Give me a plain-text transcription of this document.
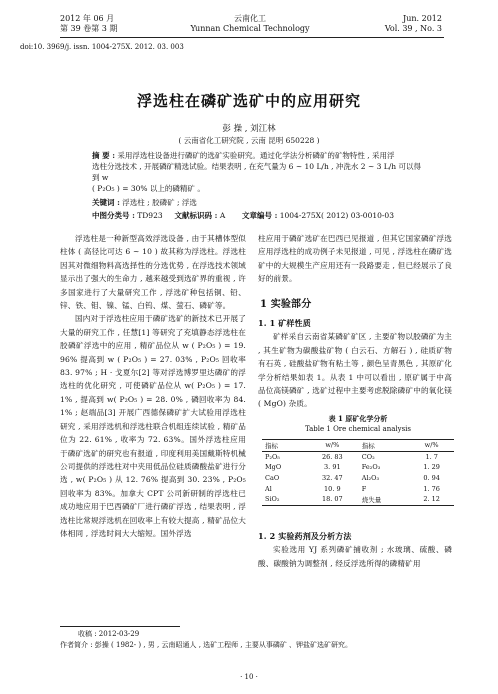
2012 年 06 月
第 39 卷第 3 期
云南化工
Yunnan Chemical Technology
Jun. 2012
Vol. 39 , No. 3
doi:10. 3969/j. issn. 1004-275X. 2012. 03. 003
浮选柱在磷矿选矿中的应用研究
彭 操 , 刘江林
( 云南省化工研究院 , 云南 昆明 650228 )
摘 要 : 采用浮选柱设备进行磷矿的选矿实验研究。通过化学法分析磷矿的矿物特性 , 采用浮
选柱分选技术 , 开展磷矿精选试验。结果表明 , 在充气量为 6 ~ 10 L/h , 冲洗水 2 ~ 3 L/h 可以得到 w
( P₂O₅ ) = 30% 以上的磷精矿 。
关键词 : 浮选柱 ; 胶磷矿 ; 浮选
中图分类号 : TD923 文献标识码 : A 文章编号 : 1004-275X( 2012) 03-0010-03

浮选柱是一种新型高效浮选设备 , 由于其槽体型似柱体 ( 高径比可达 6 ~ 10 ) 故其称为浮选柱。浮选柱因其对微细物料高选择性的分选优势 , 在浮选技术领域显示出了强大的生命力 , 越来越受到选矿界的重视 , 许多国家进行了大量研究工作 , 浮选矿种包括铜、铅、锌、铁、钼、镍、锰、白钨、煤、萤石、磷矿等。

国内对于浮选柱应用于磷矿选矿的新技术已开展了大量的研究工作 , 任慧[1] 等研究了充填静态浮选柱在胶磷矿浮选中的应用 , 精矿品位从 w ( P₂O₅ ) = 19. 96% 提高到 w ( P₂O₅ ) = 27. 03% , P₂O₅ 回收率 83. 97% ; H · 戈夏尔[2] 等对浮选博罗里达磷矿的浮选柱的优化研究 , 可使磷矿品位从 w( P₂O₅ ) = 17. 1% , 提高到 w( P₂O₅ ) = 28. 0% , 磷回收率为 84. 1% ; 赵端品[3] 开展广西德保磷矿扩大试验用浮选柱研究 , 采用浮选机和浮选柱联合机组连续试验 , 精矿品位为 22. 61% , 收率为 72. 63%。国外浮选柱应用于磷矿选矿的研究也有报道 , 印度利用美国戴斯特机械公司提供的浮选柱对中夹用低品位硅质磷酸盐矿进行分选 , w( P₂O₅ ) 从 12. 76% 提高到 30. 23% , P₂O₅ 回收率为 83%。加拿大 CPT 公司新研制的浮选柱已成功地应用于巴西磷矿厂进行磷矿浮选 , 结果表明 , 浮选柱比常规浮选机在回收率上有较大提高 , 精矿品位大体相同 , 浮选时间大大缩短。国外浮选

柱应用于磷矿选矿在巴西已见报道 , 但其它国家磷矿浮选应用浮选柱的成功例子未见报道 , 可见 , 浮选柱在磷矿选矿中的大规模生产应用还有一段路要走 , 但已经展示了良好的前景。

1 实验部分
1. 1 矿样性质

矿样采自云南省某磷矿矿区 , 主要矿物以胶磷矿为主 , 其生矿物为碳酸盐矿物 ( 白云石、方解石 ) , 硅质矿物有石英 , 硅酸盐矿物有粘土等 , 颜色呈青黑色 , 其原矿化学分析结果如表 1。从表 1 中可以看出 , 原矿属于中高品位高镁磷矿 , 选矿过程中主要考虑脱除磷矿中的氧化镁 ( MgO) 杂质。

表 1 原矿化学分析
Table 1 Ore chemical analysis
指标	w/%	指标	w/%
P₂O₅	26. 83	CO₂	1. 7
MgO	3. 91	Fe₂O₃	1. 29
CaO	32. 47	Al₂O₃	0. 94
Al	10. 9	F	1. 76
SiO₂	18. 07	烧失量	2. 12
1. 2 实验药剂及分析方法

实验选用 YJ 系列磷矿捕收剂 ; 水玻璃、硫酸、磷酸、碳酸钠为调整剂 , 经反浮选所得的磷精矿用

收稿 : 2012-03-29
作者简介 : 彭操 ( 1982- ) , 男 , 云南昭通人 , 选矿工程师 , 主要从事磷矿 、钾盐矿选矿研究。
· 10 ·
